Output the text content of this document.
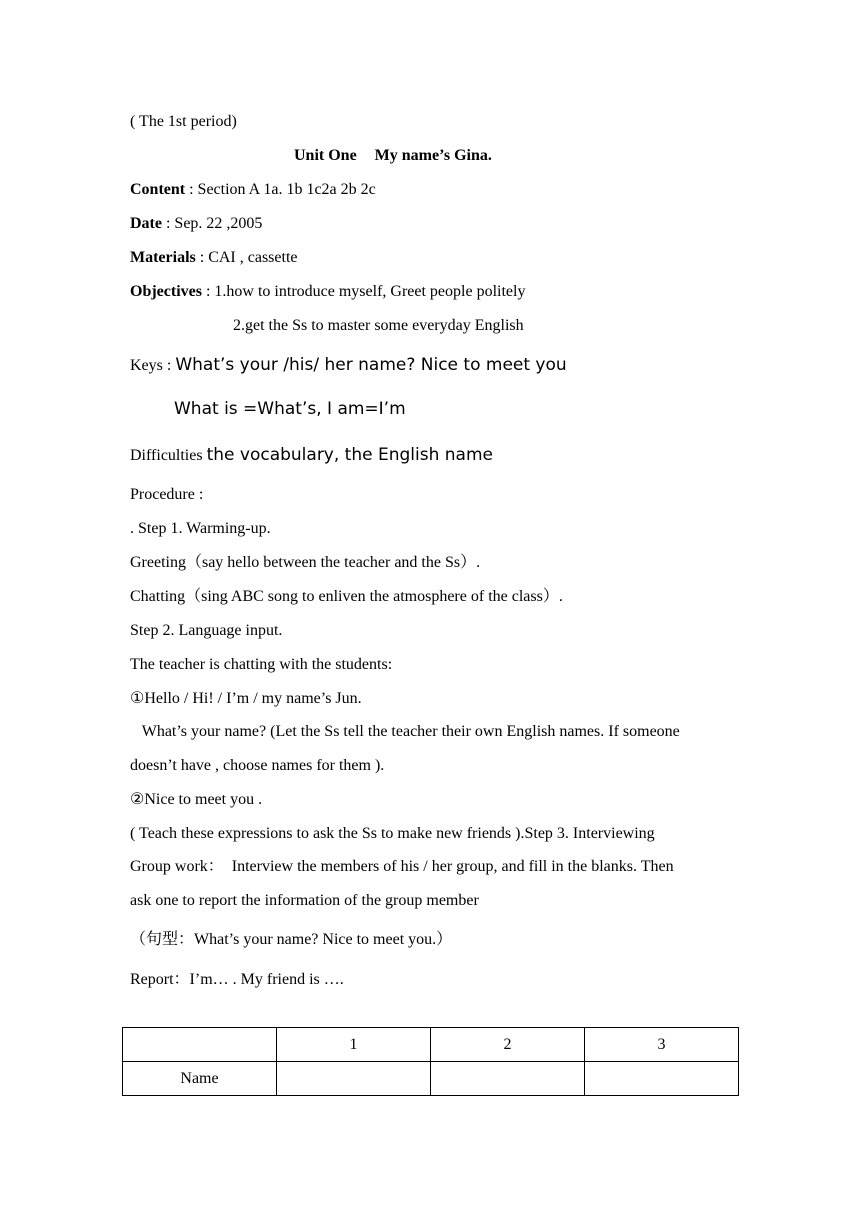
( The 1st period)
Unit One My name’s Gina.
Content : Section A 1a. 1b 1c2a 2b 2c
Date : Sep. 22 ,2005
Materials : CAI , cassette
Objectives : 1.how to introduce myself, Greet people politely
2.get the Ss to master some everyday English
Keys : What’s your /his/ her name? Nice to meet you
What is =What’s, I am=I’m
Difficulties the vocabulary, the English name
Procedure :
. Step 1. Warming-up.
Greeting（say hello between the teacher and the Ss）.
Chatting（sing ABC song to enliven the atmosphere of the class）.
Step 2. Language input.
The teacher is chatting with the students:
①Hello / Hi! / I’m / my name’s Jun.
What’s your name? (Let the Ss tell the teacher their own English names. If someone
doesn’t have , choose names for them ).
②Nice to meet you .
( Teach these expressions to ask the Ss to make new friends ).Step 3. Interviewing
Group work：  Interview the members of his / her group, and fill in the blanks. Then
ask one to report the information of the group member
（句型：What’s your name? Nice to meet you.）
Report：I’m… . My friend is ….
	1	2	3
Name			
